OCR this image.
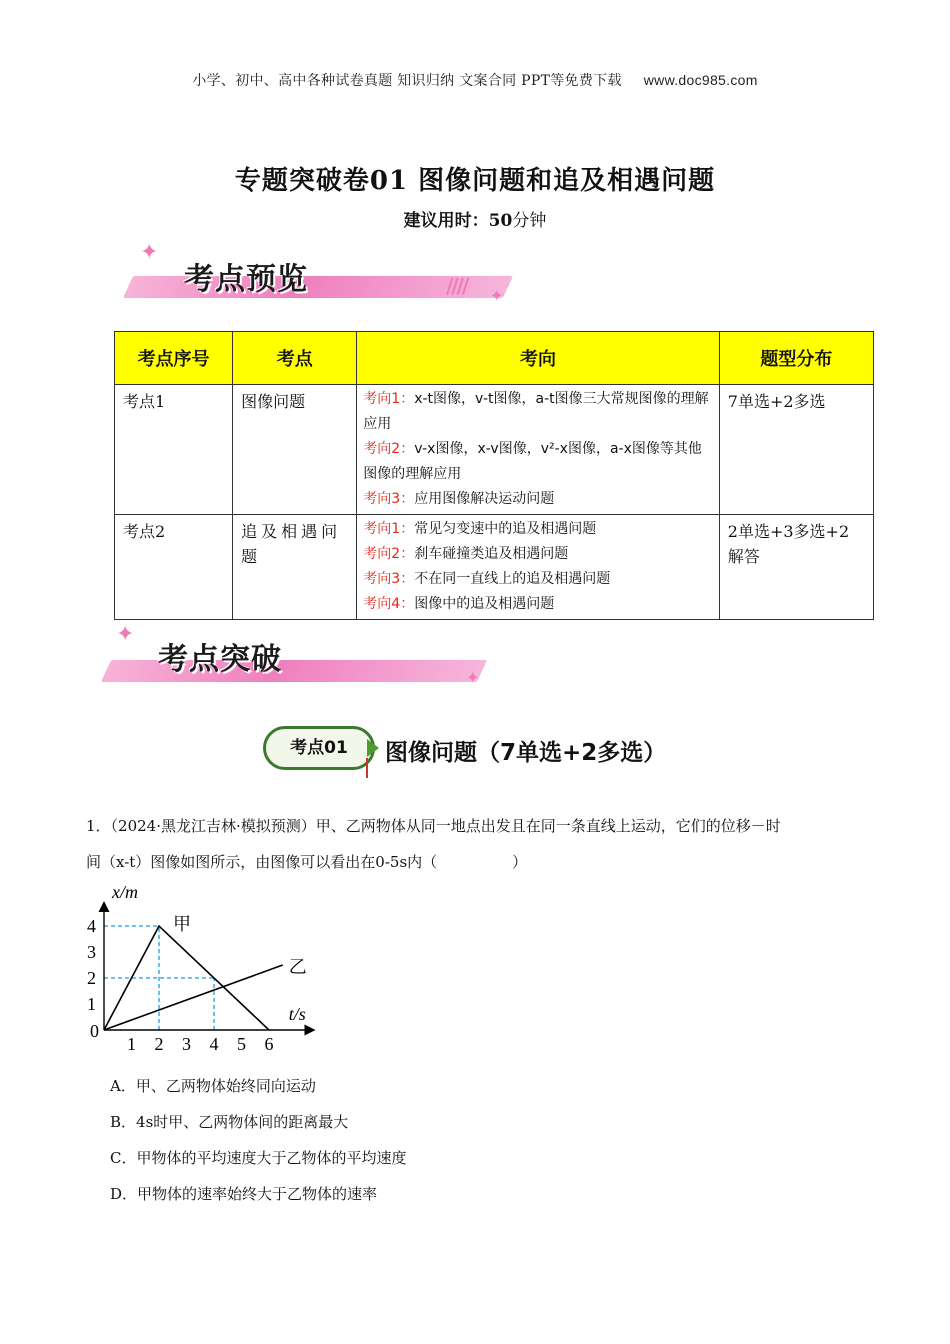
小学、初中、高中各种试卷真题 知识归纳 文案合同 PPT等免费下载 www.doc985.com
专题突破卷01 图像问题和追及相遇问题
建议用时：50分钟
✦
//// ✦
考点预览
考点序号	考点	考向	题型分布
考点1	图像问题	考向1：x-t图像，v-t图像，a-t图像三大常规图像的理解应用
考向2：v-x图像，x-v图像，v²-x图像，a-x图像等其他图像的理解应用
考向3：应用图像解决运动问题	7单选+2多选
考点2	追及相遇问题	考向1：常见匀变速中的追及相遇问题
考向2：刹车碰撞类追及相遇问题
考向3：不在同一直线上的追及相遇问题
考向4：图像中的追及相遇问题	2单选+3多选+2解答
✦
✦
考点突破
考点01	图像问题（7单选+2多选）
1．（2024·黑龙江吉林·模拟预测）甲、乙两物体从同一地点出发且在同一条直线上运动，它们的位移－时
间（x-t）图像如图所示，由图像可以看出在0-5s内（　　　　　）
甲
乙
1 2 3 4 5 6
1
2
3
4
x/m
t/s
0
A．甲、乙两物体始终同向运动
B．4s时甲、乙两物体间的距离最大
C．甲物体的平均速度大于乙物体的平均速度
D．甲物体的速率始终大于乙物体的速率
